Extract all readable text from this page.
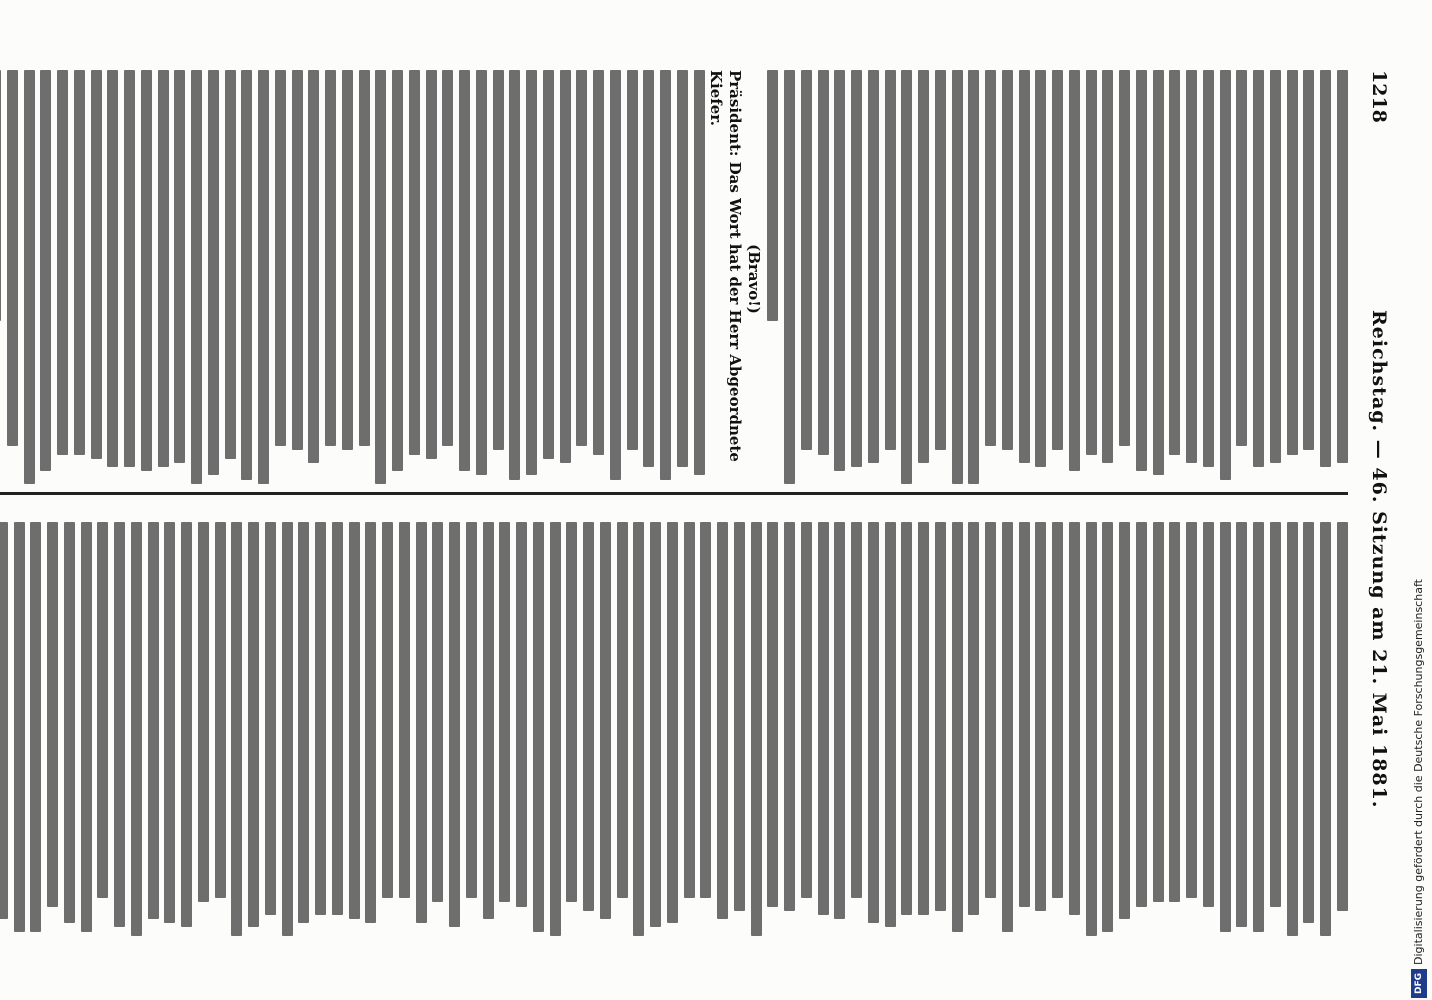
1218
Reichstag. — 46. Sitzung am 21. Mai 1881.
(Bravo!)
Präsident: Das Wort hat der Herr Abgeordnete
Kiefer.
DFGDigitalisierung gefördert durch die Deutsche Forschungsgemeinschaft
